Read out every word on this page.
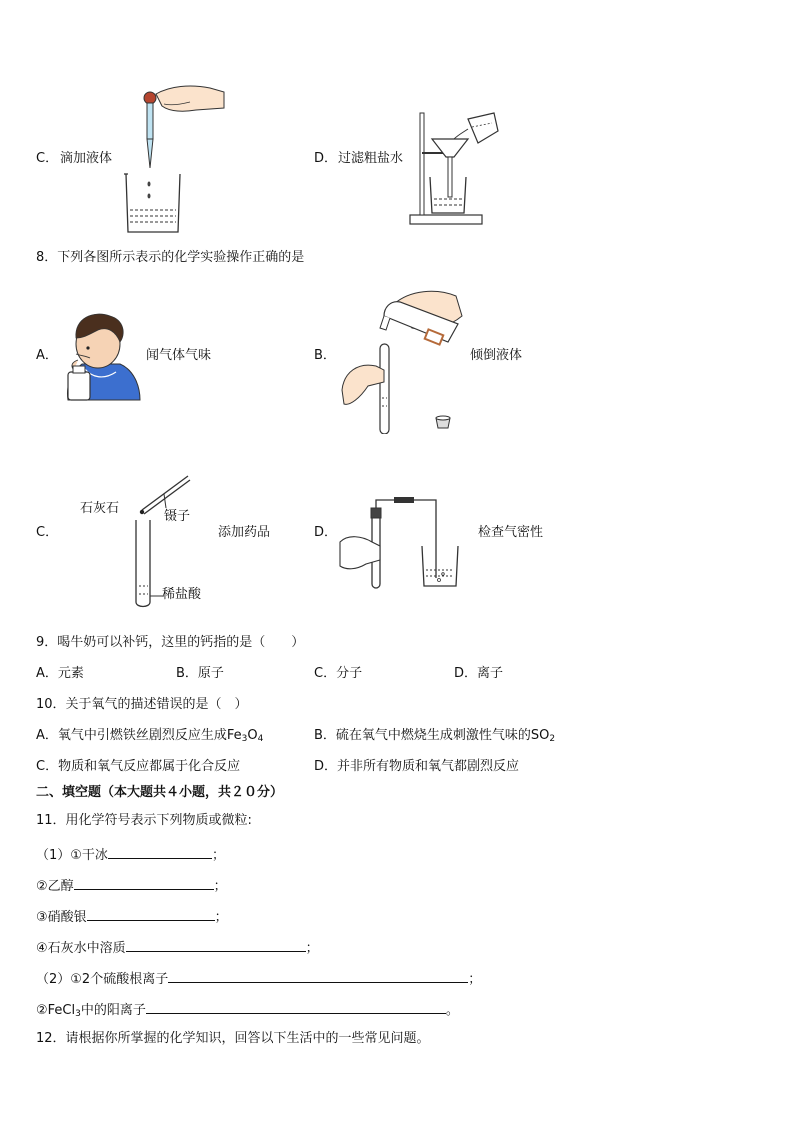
C． 滴加液体	D． 过滤粗盐水
8．下列各图所示表示的化学实验操作正确的是
A．	闻气体气味	B．	倾倒液体
C．
石灰石
镊子
稀盐酸
添加药品	D．	检查气密性
9．喝牛奶可以补钙，这里的钙指的是（　　）
A．元素	B．原子	C．分子	D．离子
10．关于氧气的描述错误的是（　）
A．氧气中引燃铁丝剧烈反应生成$Fe_3O_4$	B．硫在氧气中燃烧生成刺激性气味的$SO_2$
C．物质和氧气反应都属于化合反应	D．并非所有物质和氧气都剧烈反应
二、填空题（本大题共４小题，共２０分）
11．用化学符号表示下列物质或微粒:
（1）①干冰	；
②乙醇	；
③硝酸银	；
④石灰水中溶质	；
（2）①2个硫酸根离子	；
②FeCl$_3$中的阳离子	。
12．请根据你所掌握的化学知识，回答以下生活中的一些常见问题。
